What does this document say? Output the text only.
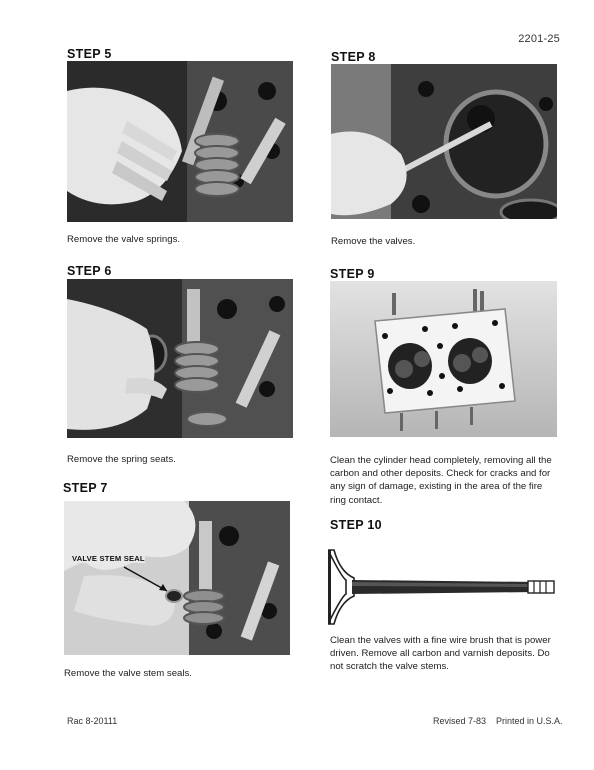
2201-25
STEP 5
Remove the valve springs.
STEP 6
Remove the spring seats.
STEP 7
VALVE STEM SEAL
Remove the valve stem seals.
STEP 8
Remove the valves.
STEP 9
Clean the cylinder head completely, removing all the carbon and other deposits. Check for cracks and for any sign of damage, existing in the area of the fire ring contact.
STEP 10
Clean the valves with a fine wire brush that is power driven. Remove all carbon and varnish deposits. Do not scratch the valve stems.
Rac 8-20111	Revised 7-83 Printed in U.S.A.
